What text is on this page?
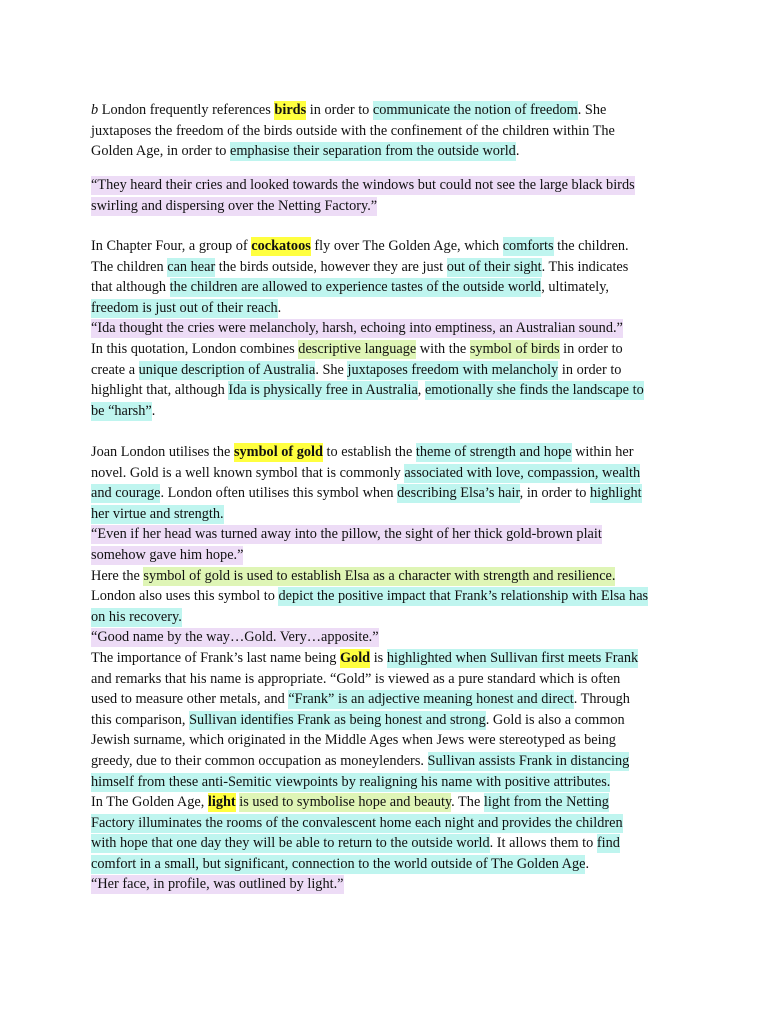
b London frequently references birds in order to communicate the notion of freedom. She
juxtaposes the freedom of the birds outside with the confinement of the children within The
Golden Age, in order to emphasise their separation from the outside world.
“They heard their cries and looked towards the windows but could not see the large black birds
swirling and dispersing over the Netting Factory.”
In Chapter Four, a group of cockatoos fly over The Golden Age, which comforts the children.
The children can hear the birds outside, however they are just out of their sight. This indicates
that although the children are allowed to experience tastes of the outside world, ultimately,
freedom is just out of their reach.
“Ida thought the cries were melancholy, harsh, echoing into emptiness, an Australian sound.”
In this quotation, London combines descriptive language with the symbol of birds in order to
create a unique description of Australia. She juxtaposes freedom with melancholy in order to
highlight that, although Ida is physically free in Australia, emotionally she finds the landscape to
be “harsh”.
Joan London utilises the symbol of gold to establish the theme of strength and hope within her
novel. Gold is a well known symbol that is commonly associated with love, compassion, wealth
and courage. London often utilises this symbol when describing Elsa’s hair, in order to highlight
her virtue and strength.
“Even if her head was turned away into the pillow, the sight of her thick gold-brown plait
somehow gave him hope.”
Here the symbol of gold is used to establish Elsa as a character with strength and resilience.
London also uses this symbol to depict the positive impact that Frank’s relationship with Elsa has
on his recovery.
“Good name by the way…Gold. Very…apposite.”
The importance of Frank’s last name being Gold is highlighted when Sullivan first meets Frank
and remarks that his name is appropriate. “Gold” is viewed as a pure standard which is often
used to measure other metals, and “Frank” is an adjective meaning honest and direct. Through
this comparison, Sullivan identifies Frank as being honest and strong. Gold is also a common
Jewish surname, which originated in the Middle Ages when Jews were stereotyped as being
greedy, due to their common occupation as moneylenders. Sullivan assists Frank in distancing
himself from these anti-Semitic viewpoints by realigning his name with positive attributes.
In The Golden Age, light is used to symbolise hope and beauty. The light from the Netting
Factory illuminates the rooms of the convalescent home each night and provides the children
with hope that one day they will be able to return to the outside world. It allows them to find
comfort in a small, but significant, connection to the world outside of The Golden Age.
“Her face, in profile, was outlined by light.”
